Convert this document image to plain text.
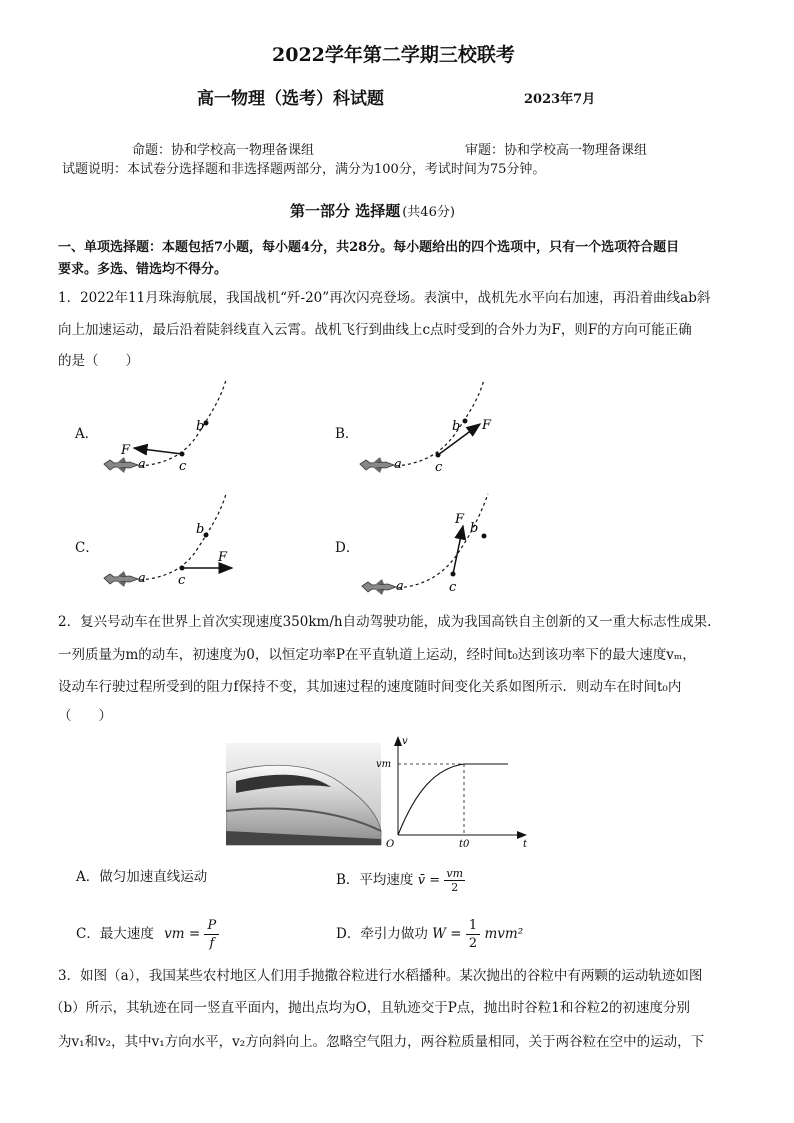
2022学年第二学期三校联考
高一物理（选考）科试题	2023年7月
命题：协和学校高一物理备课组	审题：协和学校高一物理备课组
试题说明：本试卷分选择题和非选择题两部分，满分为100分，考试时间为75分钟。
第一部分 选择题 (共46分)
一、单项选择题：本题包括7小题，每小题4分，共28分。每小题给出的四个选项中，只有一个选项符合题目
要求。多选、错选均不得分。
1．2022年11月珠海航展，我国战机“歼-20”再次闪亮登场。表演中，战机先水平向右加速，再沿着曲线ab斜
向上加速运动，最后沿着陡斜线直入云霄。战机飞行到曲线上c点时受到的合外力为F，则F的方向可能正确
的是（　　）
A．	B．
C．	D．
a	c
b
F
a	c
b F
a c
b
F
a	c
b
F
2．复兴号动车在世界上首次实现速度350km/h自动驾驶功能，成为我国高铁自主创新的又一重大标志性成果.
一列质量为m的动车，初速度为0，以恒定功率P在平直轨道上运动，经时间t₀达到该功率下的最大速度vₘ，
设动车行驶过程所受到的阻力f保持不变，其加速过程的速度随时间变化关系如图所示．则动车在时间t₀内
（　　）
v
vm
t
t0
O
A．做匀加速直线运动	B．平均速度 v̄ = $\frac{vm}{2}$
C．最大速度 vm = $\frac{P}{f}$	D．牵引力做功 $W = \frac{1}{2} mvm^2$
3．如图（a），我国某些农村地区人们用手抛撒谷粒进行水稻播种。某次抛出的谷粒中有两颗的运动轨迹如图
（b）所示，其轨迹在同一竖直平面内，抛出点均为O，且轨迹交于P点，抛出时谷粒1和谷粒2的初速度分别
为v₁和v₂，其中v₁方向水平，v₂方向斜向上。忽略空气阻力，两谷粒质量相同，关于两谷粒在空中的运动，下
